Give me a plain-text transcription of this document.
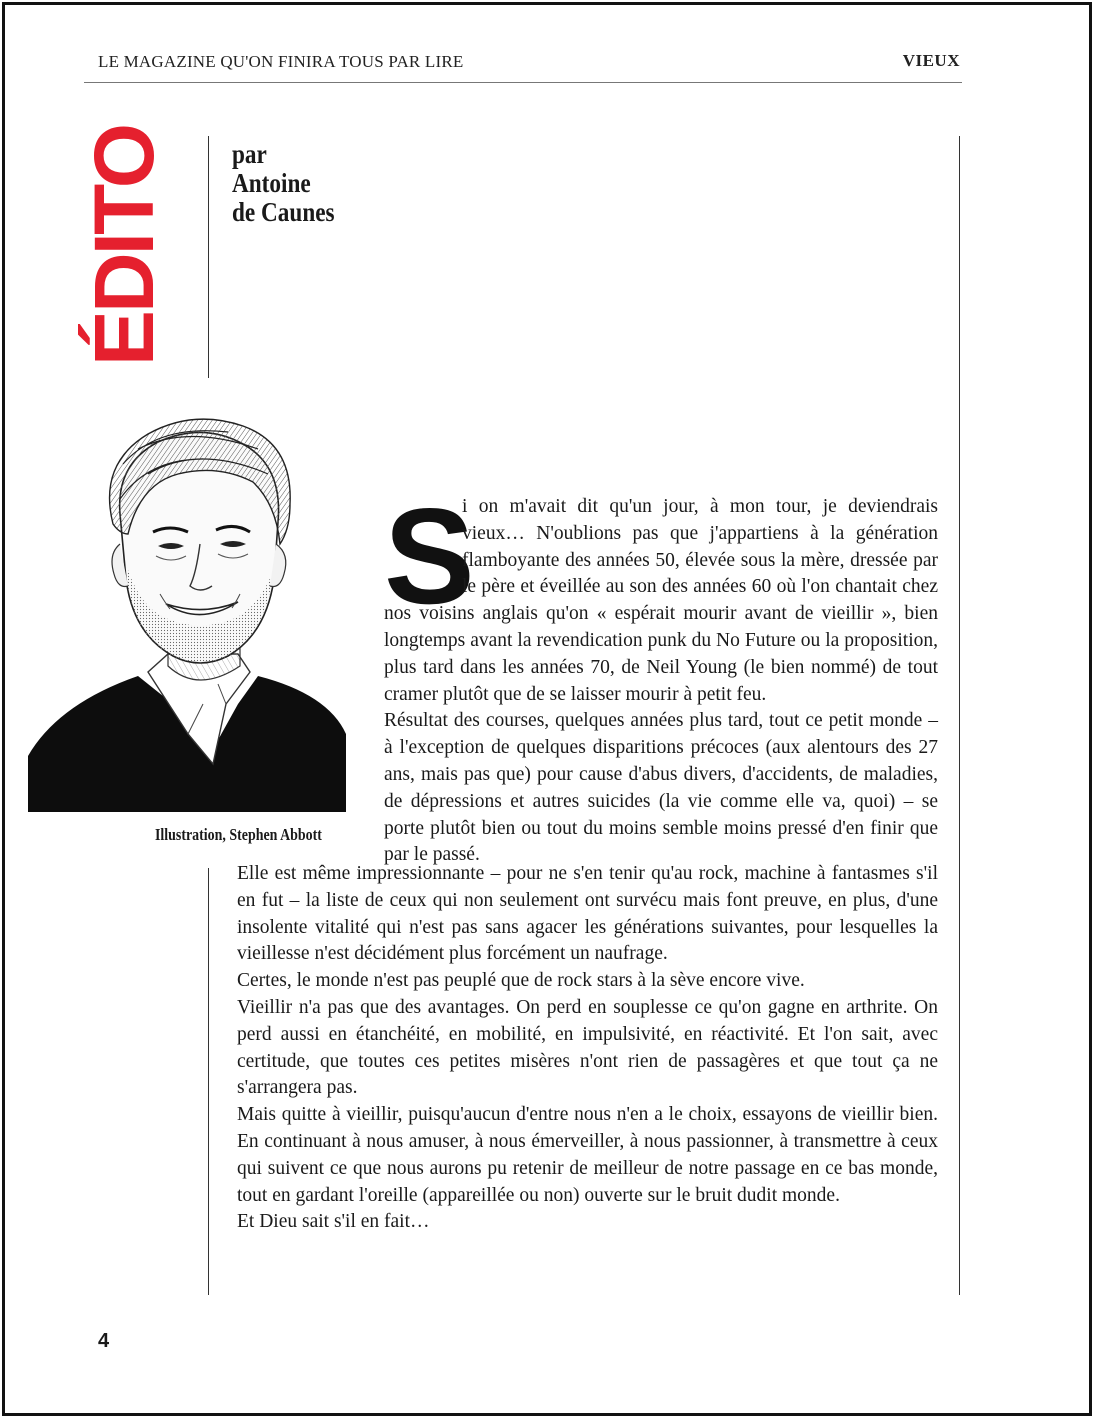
LE MAGAZINE QU'ON FINIRA TOUS PAR LIRE	VIEUX
ÉDITO par
Antoine
de Caunes
Illustration, Stephen Abbott
S

i on m'avait dit qu'un jour, à mon tour, je deviendrais vieux… N'oublions pas que j'appartiens à la génération flamboyante des années 50, élevée sous la mère, dressée par le père et éveillée au son des années 60 où l'on chantait chez nos voisins anglais qu'on « espérait mourir avant de vieillir », bien longtemps avant la revendication punk du No Future ou la proposition, plus tard dans les années 70, de Neil Young (le bien nommé) de tout cramer plutôt que de se laisser mourir à petit feu.

Résultat des courses, quelques années plus tard, tout ce petit monde – à l'exception de quelques disparitions précoces (aux alentours des 27 ans, mais pas que) pour cause d'abus divers, d'accidents, de maladies, de dépressions et autres suicides (la vie comme elle va, quoi) – se porte plutôt bien ou tout du moins semble moins pressé d'en finir que par le passé.

Elle est même impressionnante – pour ne s'en tenir qu'au rock, machine à fantasmes s'il en fut – la liste de ceux qui non seulement ont survécu mais font preuve, en plus, d'une insolente vitalité qui n'est pas sans agacer les générations suivantes, pour lesquelles la vieillesse n'est décidément plus forcément un naufrage.

Certes, le monde n'est pas peuplé que de rock stars à la sève encore vive.

Vieillir n'a pas que des avantages. On perd en souplesse ce qu'on gagne en arthrite. On perd aussi en étanchéité, en mobilité, en impulsivité, en réactivité. Et l'on sait, avec certitude, que toutes ces petites misères n'ont rien de passagères et que tout ça ne s'arrangera pas.

Mais quitte à vieillir, puisqu'aucun d'entre nous n'en a le choix, essayons de vieillir bien. En continuant à nous amuser, à nous émerveiller, à nous passionner, à transmettre à ceux qui suivent ce que nous aurons pu retenir de meilleur de notre passage en ce bas monde, tout en gardant l'oreille (appareillée ou non) ouverte sur le bruit dudit monde.

Et Dieu sait s'il en fait…

4
